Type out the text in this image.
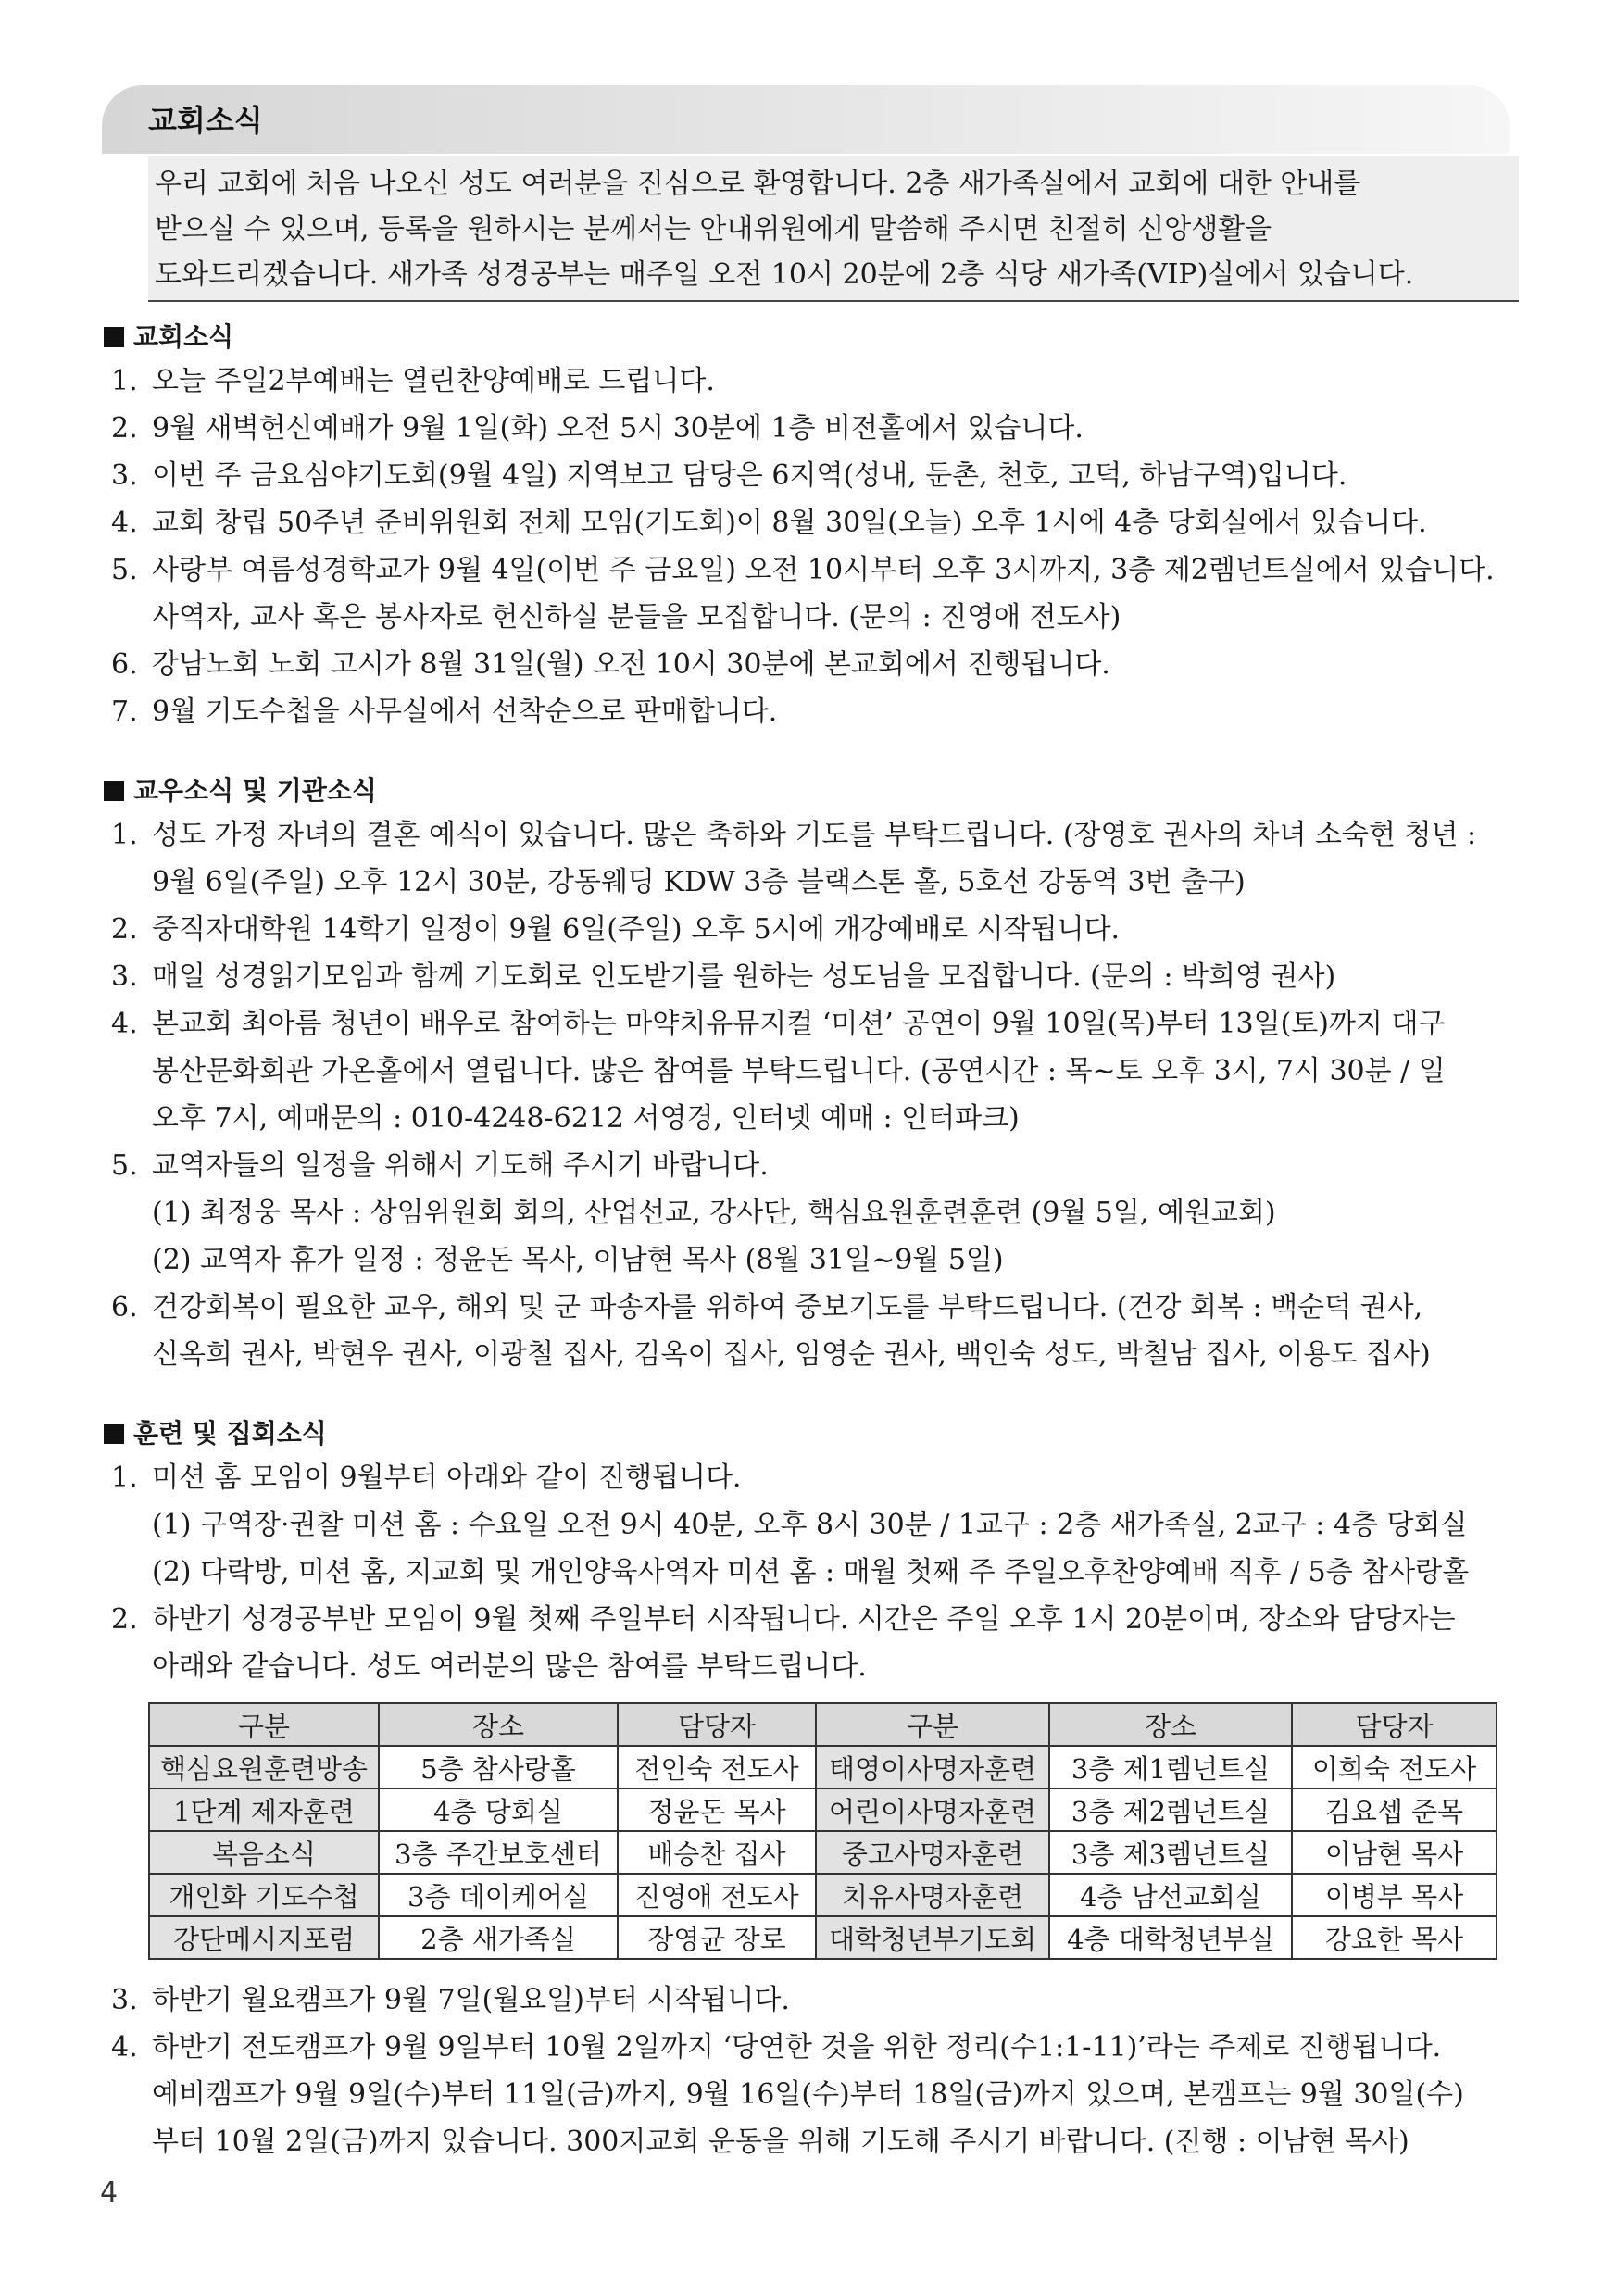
교회소식
우리 교회에 처음 나오신 성도 여러분을 진심으로 환영합니다. 2층 새가족실에서 교회에 대한 안내를
받으실 수 있으며, 등록을 원하시는 분께서는 안내위원에게 말씀해 주시면 친절히 신앙생활을
도와드리겠습니다. 새가족 성경공부는 매주일 오전 10시 20분에 2층 식당 새가족(VIP)실에서 있습니다.
교회소식
1. 오늘 주일2부예배는 열린찬양예배로 드립니다.
2. 9월 새벽헌신예배가 9월 1일(화) 오전 5시 30분에 1층 비전홀에서 있습니다.
3. 이번 주 금요심야기도회(9월 4일) 지역보고 담당은 6지역(성내, 둔촌, 천호, 고덕, 하남구역)입니다.
4. 교회 창립 50주년 준비위원회 전체 모임(기도회)이 8월 30일(오늘) 오후 1시에 4층 당회실에서 있습니다.
5. 사랑부 여름성경학교가 9월 4일(이번 주 금요일) 오전 10시부터 오후 3시까지, 3층 제2렘넌트실에서 있습니다.
사역자, 교사 혹은 봉사자로 헌신하실 분들을 모집합니다. (문의 : 진영애 전도사)
6. 강남노회 노회 고시가 8월 31일(월) 오전 10시 30분에 본교회에서 진행됩니다.
7. 9월 기도수첩을 사무실에서 선착순으로 판매합니다.
교우소식 및 기관소식
1. 성도 가정 자녀의 결혼 예식이 있습니다. 많은 축하와 기도를 부탁드립니다. (장영호 권사의 차녀 소숙현 청년 :
9월 6일(주일) 오후 12시 30분, 강동웨딩 KDW 3층 블랙스톤 홀, 5호선 강동역 3번 출구)
2. 중직자대학원 14학기 일정이 9월 6일(주일) 오후 5시에 개강예배로 시작됩니다.
3. 매일 성경읽기모임과 함께 기도회로 인도받기를 원하는 성도님을 모집합니다. (문의 : 박희영 권사)
4. 본교회 최아름 청년이 배우로 참여하는 마약치유뮤지컬 ‘미션’ 공연이 9월 10일(목)부터 13일(토)까지 대구
봉산문화회관 가온홀에서 열립니다. 많은 참여를 부탁드립니다. (공연시간 : 목~토 오후 3시, 7시 30분 / 일
오후 7시, 예매문의 : 010-4248-6212 서영경, 인터넷 예매 : 인터파크)
5. 교역자들의 일정을 위해서 기도해 주시기 바랍니다.
(1) 최정웅 목사 : 상임위원회 회의, 산업선교, 강사단, 핵심요원훈련훈련 (9월 5일, 예원교회)
(2) 교역자 휴가 일정 : 정윤돈 목사, 이남현 목사 (8월 31일~9월 5일)
6. 건강회복이 필요한 교우, 해외 및 군 파송자를 위하여 중보기도를 부탁드립니다. (건강 회복 : 백순덕 권사,
신옥희 권사, 박현우 권사, 이광철 집사, 김옥이 집사, 임영순 권사, 백인숙 성도, 박철남 집사, 이용도 집사)
훈련 및 집회소식
1. 미션 홈 모임이 9월부터 아래와 같이 진행됩니다.
(1) 구역장·권찰 미션 홈 : 수요일 오전 9시 40분, 오후 8시 30분 / 1교구 : 2층 새가족실, 2교구 : 4층 당회실
(2) 다락방, 미션 홈, 지교회 및 개인양육사역자 미션 홈 : 매월 첫째 주 주일오후찬양예배 직후 / 5층 참사랑홀
2. 하반기 성경공부반 모임이 9월 첫째 주일부터 시작됩니다. 시간은 주일 오후 1시 20분이며, 장소와 담당자는
아래와 같습니다. 성도 여러분의 많은 참여를 부탁드립니다.
구분	장소	담당자	구분	장소	담당자
핵심요원훈련방송	5층 참사랑홀	전인숙 전도사	태영이사명자훈련	3층 제1렘넌트실	이희숙 전도사
1단계 제자훈련	4층 당회실	정윤돈 목사	어린이사명자훈련	3층 제2렘넌트실	김요셉 준목
복음소식	3층 주간보호센터	배승찬 집사	중고사명자훈련	3층 제3렘넌트실	이남현 목사
개인화 기도수첩	3층 데이케어실	진영애 전도사	치유사명자훈련	4층 남선교회실	이병부 목사
강단메시지포럼	2층 새가족실	장영균 장로	대학청년부기도회	4층 대학청년부실	강요한 목사
3. 하반기 월요캠프가 9월 7일(월요일)부터 시작됩니다.
4. 하반기 전도캠프가 9월 9일부터 10월 2일까지 ‘당연한 것을 위한 정리(수1:1-11)’라는 주제로 진행됩니다.
예비캠프가 9월 9일(수)부터 11일(금)까지, 9월 16일(수)부터 18일(금)까지 있으며, 본캠프는 9월 30일(수)
부터 10월 2일(금)까지 있습니다. 300지교회 운동을 위해 기도해 주시기 바랍니다. (진행 : 이남현 목사)
4
